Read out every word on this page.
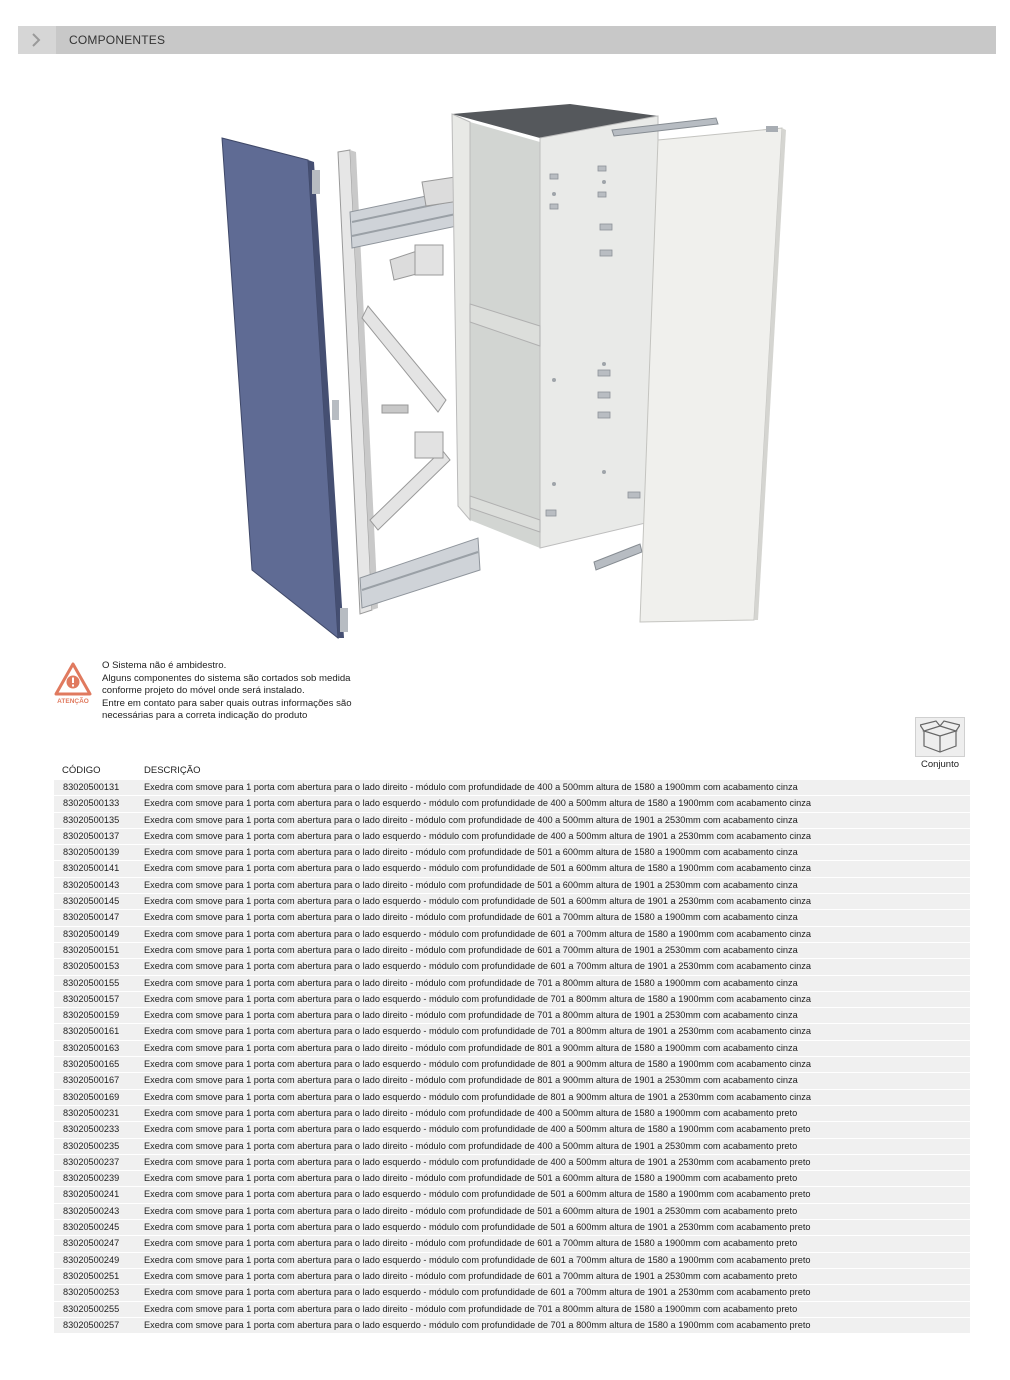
COMPONENTES
ATENÇÃO
O Sistema não é ambidestro.
Alguns componentes do sistema são cortados sob medida
conforme projeto do móvel onde será instalado.
Entre em contato para saber quais outras informações são
necessárias para a correta indicação do produto
Conjunto
CÓDIGO	DESCRIÇÃO
83020500131	Exedra com smove para 1 porta com abertura para o lado direito - módulo com profundidade de 400 a 500mm altura de 1580 a 1900mm com acabamento cinza
83020500133	Exedra com smove para 1 porta com abertura para o lado esquerdo - módulo com profundidade de 400 a 500mm altura de 1580 a 1900mm com acabamento cinza
83020500135	Exedra com smove para 1 porta com abertura para o lado direito - módulo com profundidade de 400 a 500mm altura de 1901 a 2530mm com acabamento cinza
83020500137	Exedra com smove para 1 porta com abertura para o lado esquerdo - módulo com profundidade de 400 a 500mm altura de 1901 a 2530mm com acabamento cinza
83020500139	Exedra com smove para 1 porta com abertura para o lado direito - módulo com profundidade de 501 a 600mm altura de 1580 a 1900mm com acabamento cinza
83020500141	Exedra com smove para 1 porta com abertura para o lado esquerdo - módulo com profundidade de 501 a 600mm altura de 1580 a 1900mm com acabamento cinza
83020500143	Exedra com smove para 1 porta com abertura para o lado direito - módulo com profundidade de 501 a 600mm altura de 1901 a 2530mm com acabamento cinza
83020500145	Exedra com smove para 1 porta com abertura para o lado esquerdo - módulo com profundidade de 501 a 600mm altura de 1901 a 2530mm com acabamento cinza
83020500147	Exedra com smove para 1 porta com abertura para o lado direito - módulo com profundidade de 601 a 700mm altura de 1580 a 1900mm com acabamento cinza
83020500149	Exedra com smove para 1 porta com abertura para o lado esquerdo - módulo com profundidade de 601 a 700mm altura de 1580 a 1900mm com acabamento cinza
83020500151	Exedra com smove para 1 porta com abertura para o lado direito - módulo com profundidade de 601 a 700mm altura de 1901 a 2530mm com acabamento cinza
83020500153	Exedra com smove para 1 porta com abertura para o lado esquerdo - módulo com profundidade de 601 a 700mm altura de 1901 a 2530mm com acabamento cinza
83020500155	Exedra com smove para 1 porta com abertura para o lado direito - módulo com profundidade de 701 a 800mm altura de 1580 a 1900mm com acabamento cinza
83020500157	Exedra com smove para 1 porta com abertura para o lado esquerdo - módulo com profundidade de 701 a 800mm altura de 1580 a 1900mm com acabamento cinza
83020500159	Exedra com smove para 1 porta com abertura para o lado direito - módulo com profundidade de 701 a 800mm altura de 1901 a 2530mm com acabamento cinza
83020500161	Exedra com smove para 1 porta com abertura para o lado esquerdo - módulo com profundidade de 701 a 800mm altura de 1901 a 2530mm com acabamento cinza
83020500163	Exedra com smove para 1 porta com abertura para o lado direito - módulo com profundidade de 801 a 900mm altura de 1580 a 1900mm com acabamento cinza
83020500165	Exedra com smove para 1 porta com abertura para o lado esquerdo - módulo com profundidade de 801 a 900mm altura de 1580 a 1900mm com acabamento cinza
83020500167	Exedra com smove para 1 porta com abertura para o lado direito - módulo com profundidade de 801 a 900mm altura de 1901 a 2530mm com acabamento cinza
83020500169	Exedra com smove para 1 porta com abertura para o lado esquerdo - módulo com profundidade de 801 a 900mm altura de 1901 a 2530mm com acabamento cinza
83020500231	Exedra com smove para 1 porta com abertura para o lado direito - módulo com profundidade de 400 a 500mm altura de 1580 a 1900mm com acabamento preto
83020500233	Exedra com smove para 1 porta com abertura para o lado esquerdo - módulo com profundidade de 400 a 500mm altura de 1580 a 1900mm com acabamento preto
83020500235	Exedra com smove para 1 porta com abertura para o lado direito - módulo com profundidade de 400 a 500mm altura de 1901 a 2530mm com acabamento preto
83020500237	Exedra com smove para 1 porta com abertura para o lado esquerdo - módulo com profundidade de 400 a 500mm altura de 1901 a 2530mm com acabamento preto
83020500239	Exedra com smove para 1 porta com abertura para o lado direito - módulo com profundidade de 501 a 600mm altura de 1580 a 1900mm com acabamento preto
83020500241	Exedra com smove para 1 porta com abertura para o lado esquerdo - módulo com profundidade de 501 a 600mm altura de 1580 a 1900mm com acabamento preto
83020500243	Exedra com smove para 1 porta com abertura para o lado direito - módulo com profundidade de 501 a 600mm altura de 1901 a 2530mm com acabamento preto
83020500245	Exedra com smove para 1 porta com abertura para o lado esquerdo - módulo com profundidade de 501 a 600mm altura de 1901 a 2530mm com acabamento preto
83020500247	Exedra com smove para 1 porta com abertura para o lado direito - módulo com profundidade de 601 a 700mm altura de 1580 a 1900mm com acabamento preto
83020500249	Exedra com smove para 1 porta com abertura para o lado esquerdo - módulo com profundidade de 601 a 700mm altura de 1580 a 1900mm com acabamento preto
83020500251	Exedra com smove para 1 porta com abertura para o lado direito - módulo com profundidade de 601 a 700mm altura de 1901 a 2530mm com acabamento preto
83020500253	Exedra com smove para 1 porta com abertura para o lado esquerdo - módulo com profundidade de 601 a 700mm altura de 1901 a 2530mm com acabamento preto
83020500255	Exedra com smove para 1 porta com abertura para o lado direito - módulo com profundidade de 701 a 800mm altura de 1580 a 1900mm com acabamento preto
83020500257	Exedra com smove para 1 porta com abertura para o lado esquerdo - módulo com profundidade de 701 a 800mm altura de 1580 a 1900mm com acabamento preto
